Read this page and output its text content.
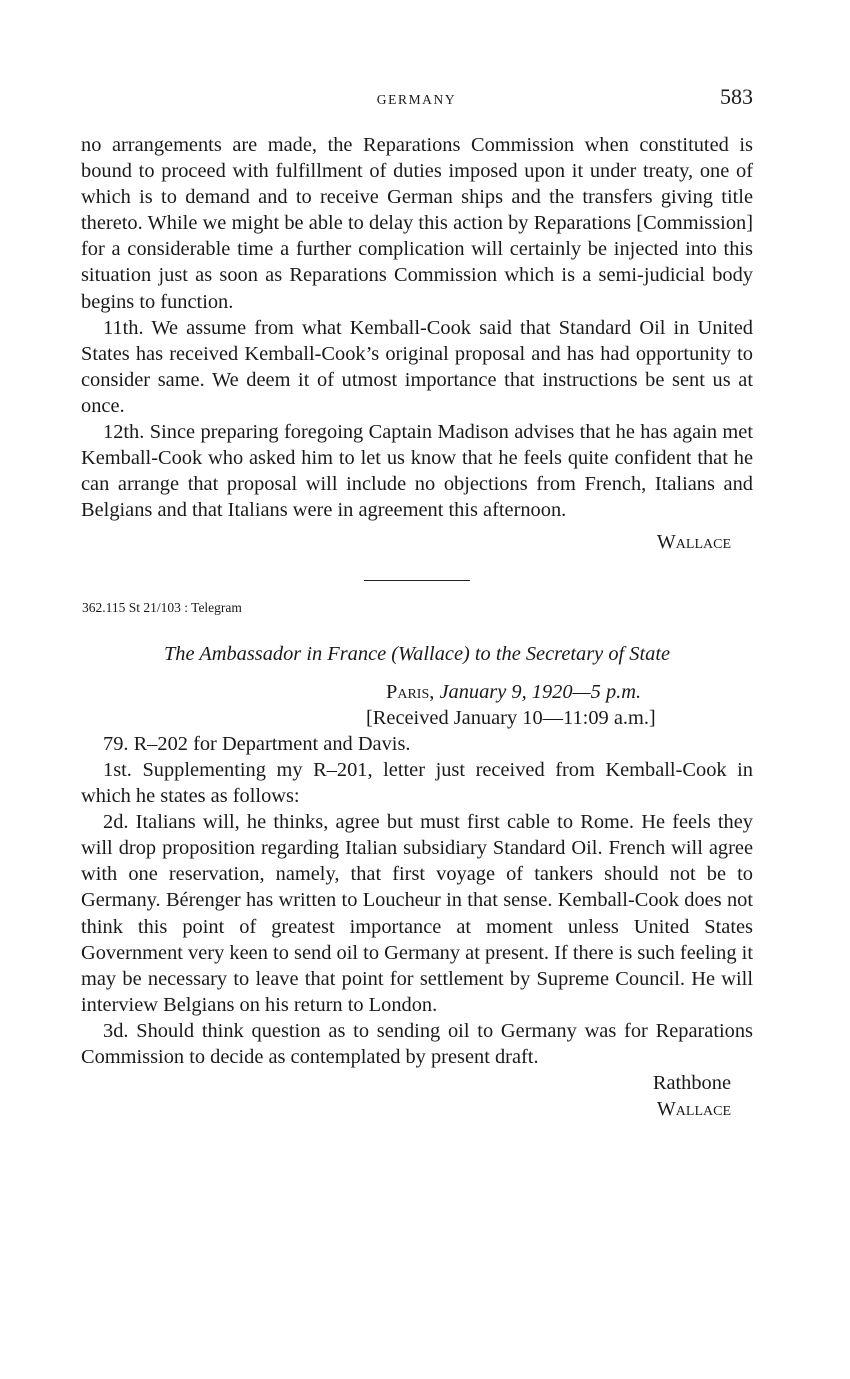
GERMANY	583

no arrangements are made, the Reparations Commission when constituted is bound to proceed with fulfillment of duties imposed upon it under treaty, one of which is to demand and to receive German ships and the transfers giving title thereto. While we might be able to delay this action by Reparations [Commission] for a considerable time a further complication will certainly be injected into this situation just as soon as Reparations Commission which is a semi-judicial body begins to function.

11th. We assume from what Kemball-Cook said that Standard Oil in United States has received Kemball-Cook’s original proposal and has had opportunity to consider same. We deem it of utmost importance that instructions be sent us at once.

12th. Since preparing foregoing Captain Madison advises that he has again met Kemball-Cook who asked him to let us know that he feels quite confident that he can arrange that proposal will include no objections from French, Italians and Belgians and that Italians were in agreement this afternoon.

Wallace
362.115 St 21/103 : Telegram
The Ambassador in France (Wallace) to the Secretary of State
Paris, January 9, 1920—5 p.m.
[Received January 10—11:09 a.m.]

79. R–202 for Department and Davis.

1st. Supplementing my R–201, letter just received from Kemball-Cook in which he states as follows:

2d. Italians will, he thinks, agree but must first cable to Rome. He feels they will drop proposition regarding Italian subsidiary Standard Oil. French will agree with one reservation, namely, that first voyage of tankers should not be to Germany. Bérenger has written to Loucheur in that sense. Kemball-Cook does not think this point of greatest importance at moment unless United States Government very keen to send oil to Germany at present. If there is such feeling it may be necessary to leave that point for settlement by Supreme Council. He will interview Belgians on his return to London.

3d. Should think question as to sending oil to Germany was for Reparations Commission to decide as contemplated by present draft.

Rathbone
Wallace
